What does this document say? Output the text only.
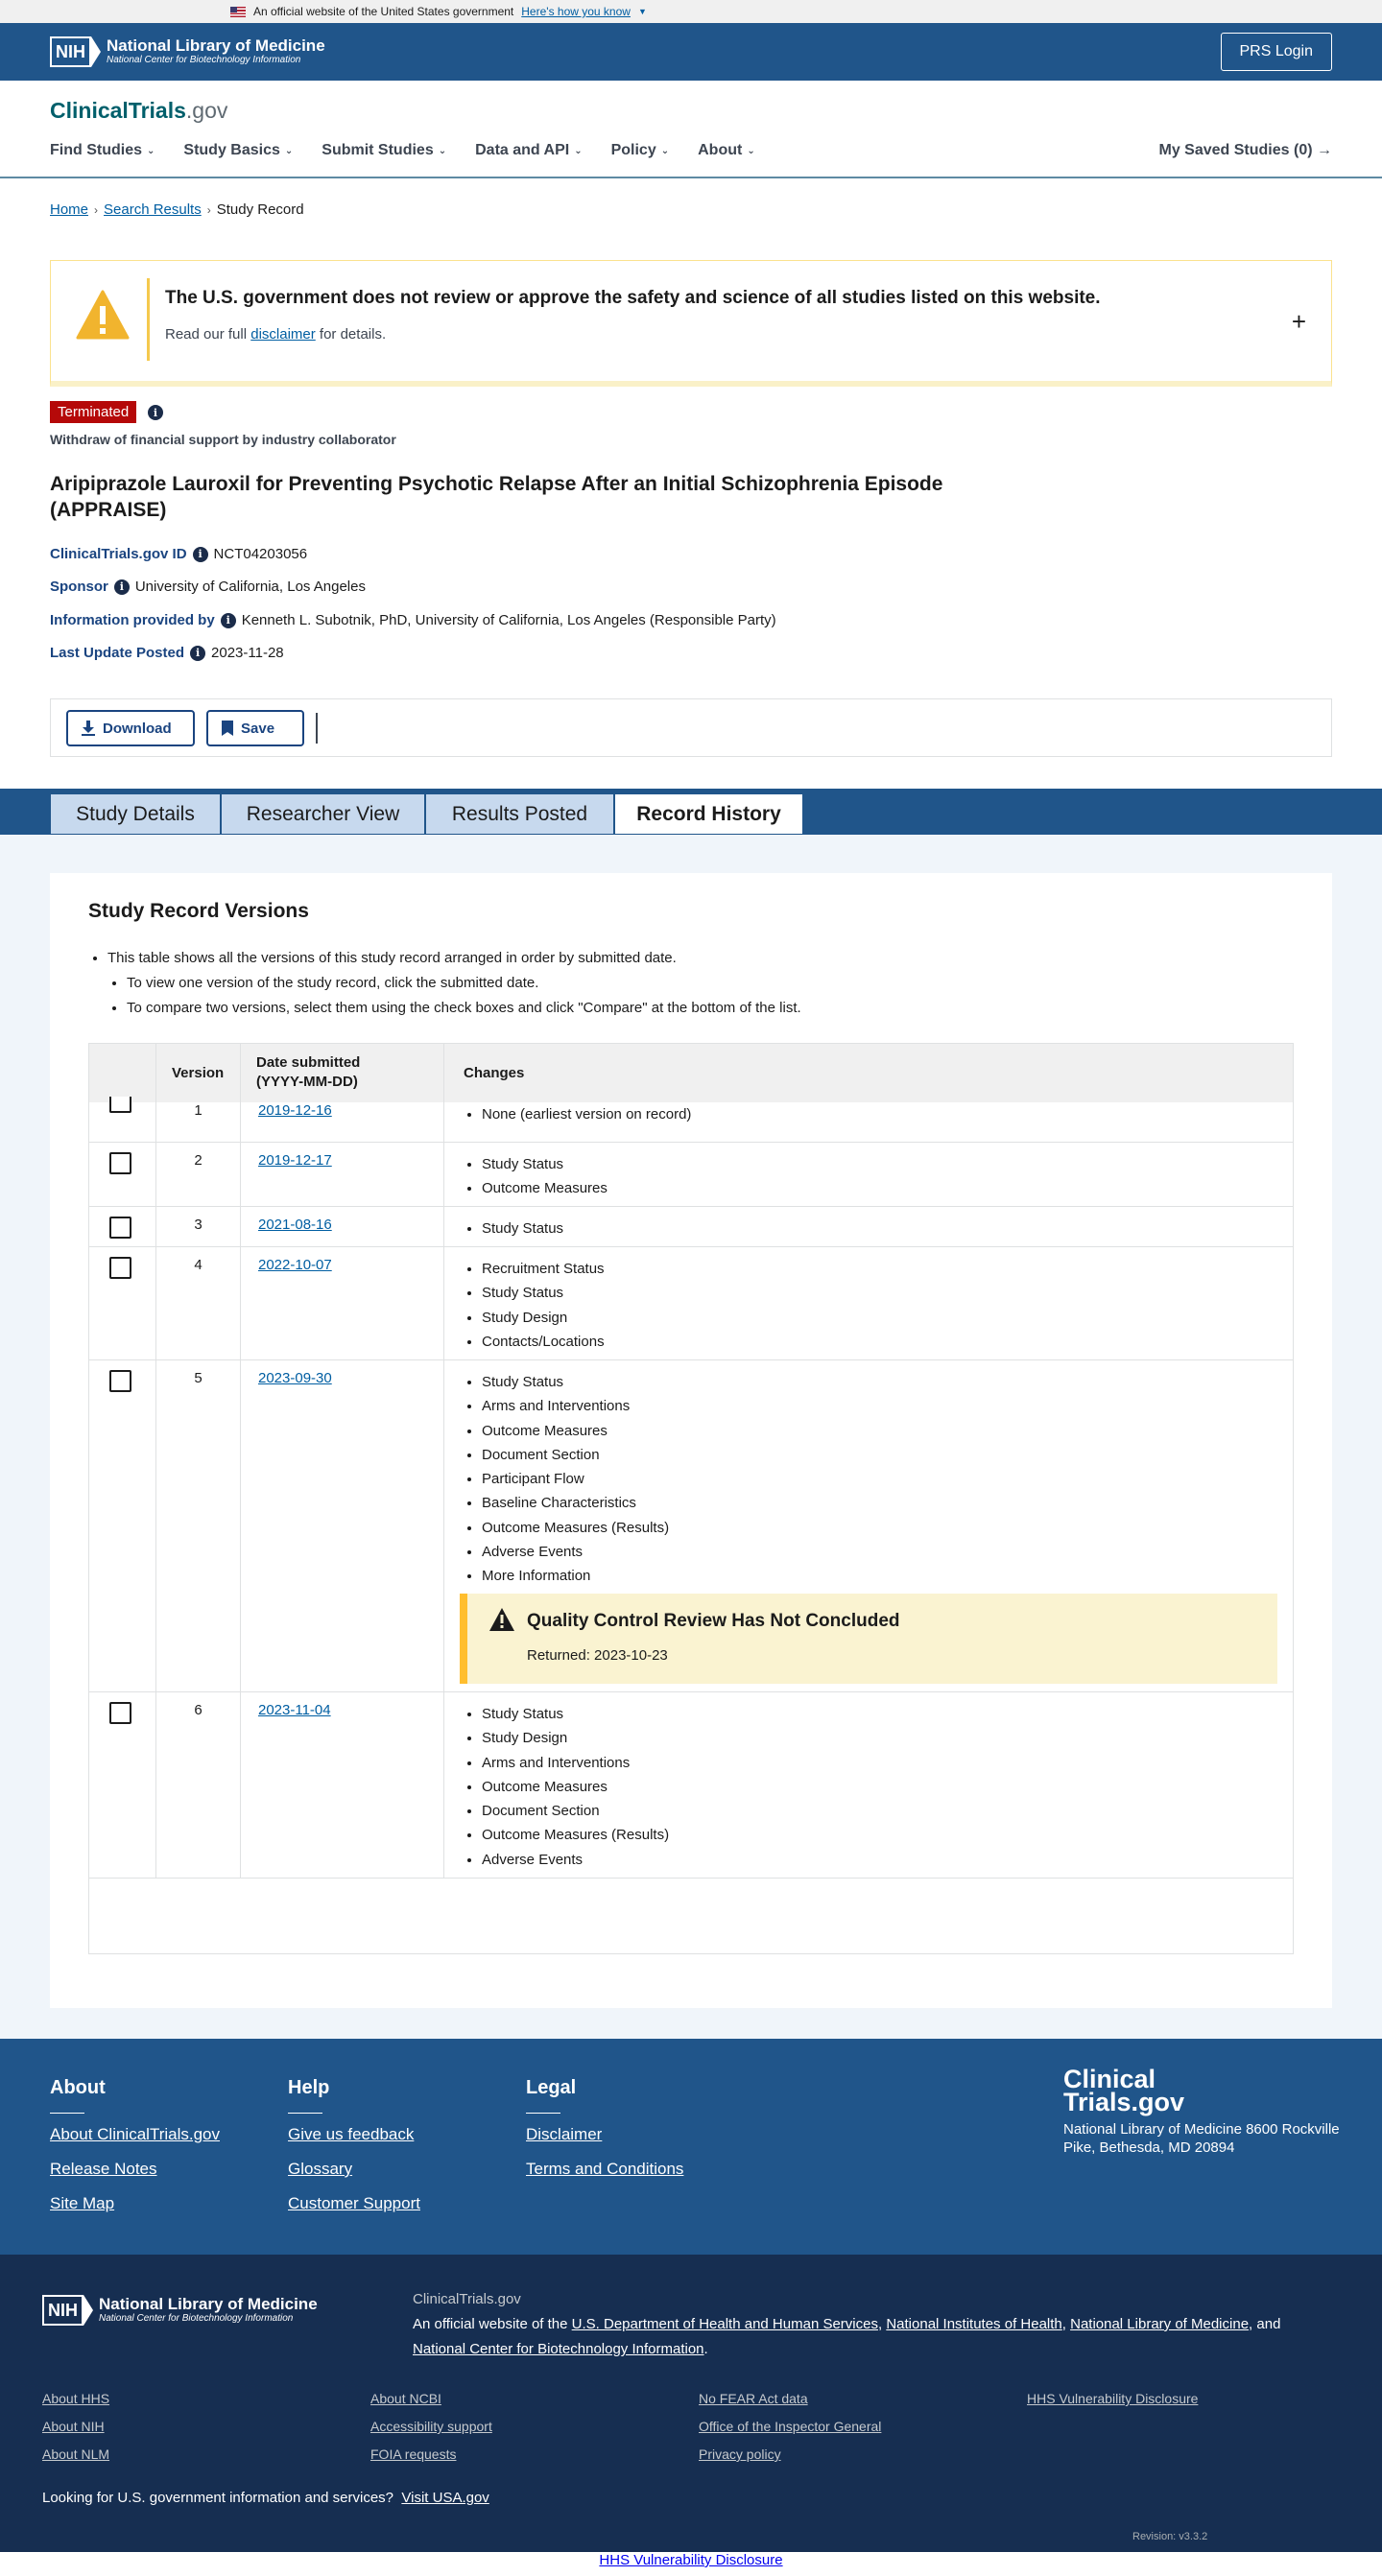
An official website of the United States government Here's how you know ▼
NIH	National Library of Medicine
National Center for Biotechnology Information
PRS Login
ClinicalTrials.gov
Find Studies ⌄ Study Basics ⌄ Submit Studies ⌄ Data and API ⌄ Policy ⌄ About ⌄	My Saved Studies (0) →
Home › Search Results › Study Record
The U.S. government does not review or approve the safety and science of all studies listed on this website.
Read our full disclaimer for details.	+
Terminated	i
Withdraw of financial support by industry collaborator
Aripiprazole Lauroxil for Preventing Psychotic Relapse After an Initial Schizophrenia Episode (APPRAISE)
ClinicalTrials.gov ID	i NCT04203056
Sponsor	i University of California, Los Angeles
Information provided by	i Kenneth L. Subotnik, PhD, University of California, Los Angeles (Responsible Party)
Last Update Posted	i 2023-11-28
Download	Save
Study Details	Researcher View	Results Posted	Record History
Study Record Versions
• This table shows all the versions of this study record arranged in order by submitted date.
• To view one version of the study record, click the submitted date.
• To compare two versions, select them using the check boxes and click "Compare" at the bottom of the list.
Version
Date submitted
(YYYY-MM-DD)
Changes
1	2019-12-16	• None (earliest version on record)
2	2019-12-17	• Study Status
• Outcome Measures
3	2021-08-16	• Study Status
4	2022-10-07	• Recruitment Status
• Study Status
• Study Design
• Contacts/Locations
5	2023-09-30	• Study Status
• Arms and Interventions
• Outcome Measures
• Document Section
• Participant Flow
• Baseline Characteristics
• Outcome Measures (Results)
• Adverse Events
• More Information
Quality Control Review Has Not Concluded
Returned: 2023-10-23
6	2023-11-04	• Study Status
• Study Design
• Arms and Interventions
• Outcome Measures
• Document Section
• Outcome Measures (Results)
• Adverse Events
About
About ClinicalTrials.gov
Release Notes
Site Map
Help
Give us feedback
Glossary
Customer Support
Legal
Disclaimer
Terms and Conditions
Clinical
Trials.gov
National Library of Medicine 8600 Rockville Pike, Bethesda, MD 20894
NIH	National Library of Medicine
National Center for Biotechnology Information
ClinicalTrials.gov
An official website of the U.S. Department of Health and Human Services, National Institutes of Health, National Library of Medicine, and National Center for Biotechnology Information.
About HHS
About NIH
About NLM
About NCBI
Accessibility support
FOIA requests
No FEAR Act data
Office of the Inspector General
Privacy policy
HHS Vulnerability Disclosure
Looking for U.S. government information and services? Visit USA.gov
Revision: v3.3.2
HHS Vulnerability Disclosure
